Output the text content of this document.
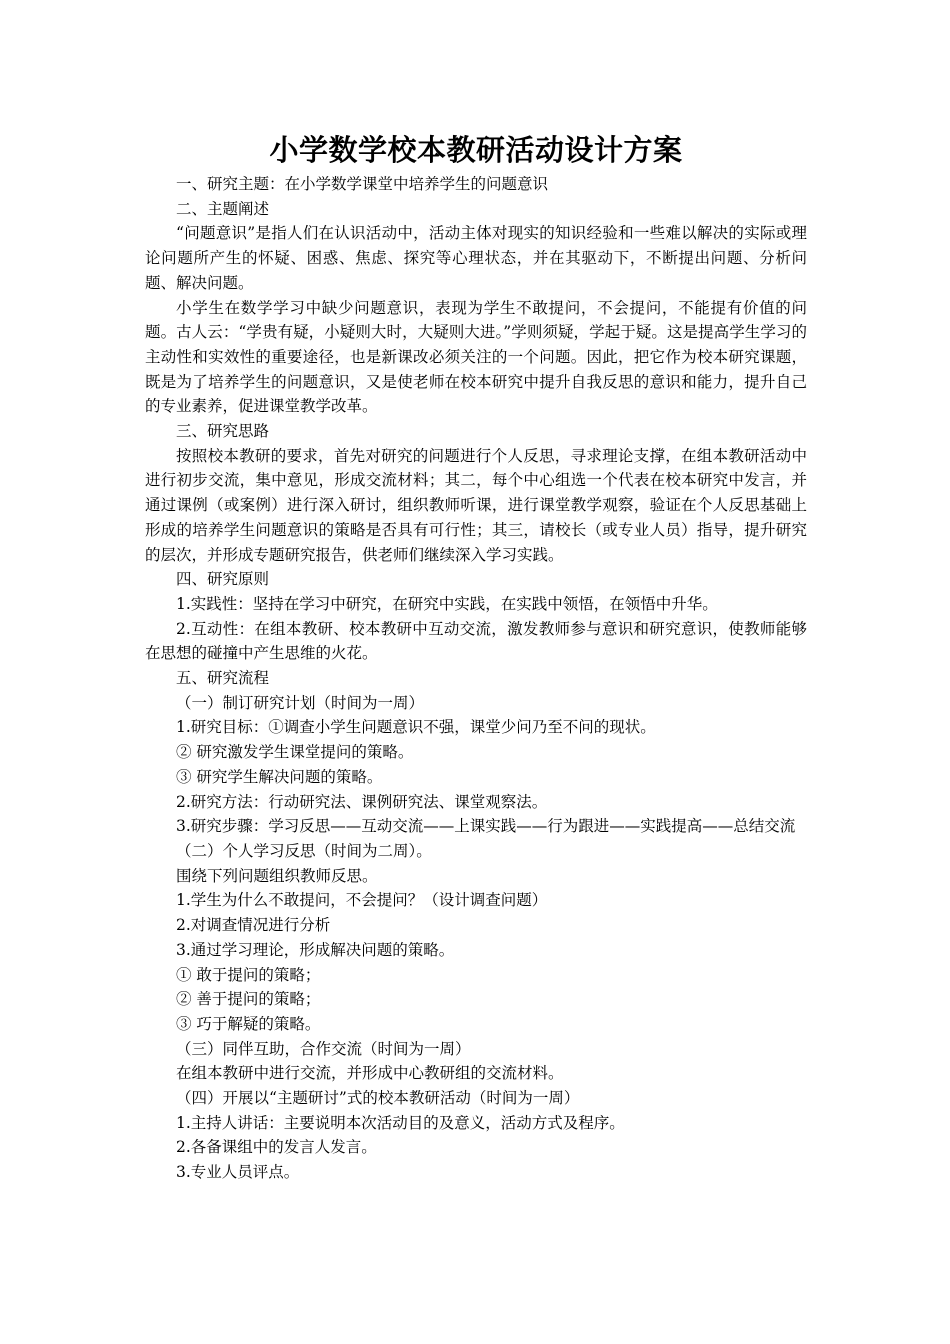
小学数学校本教研活动设计方案

一、研究主题：在小学数学课堂中培养学生的问题意识

二、主题阐述

“问题意识”是指人们在认识活动中，活动主体对现实的知识经验和一些难以解决的实际或理论问题所产生的怀疑、困惑、焦虑、探究等心理状态，并在其驱动下，不断提出问题、分析问题、解决问题。

小学生在数学学习中缺少问题意识，表现为学生不敢提问，不会提问，不能提有价值的问题。古人云：“学贵有疑，小疑则大时，大疑则大进。”学则须疑，学起于疑。这是提高学生学习的主动性和实效性的重要途径，也是新课改必须关注的一个问题。因此，把它作为校本研究课题，既是为了培养学生的问题意识，又是使老师在校本研究中提升自我反思的意识和能力，提升自己的专业素养，促进课堂教学改革。

三、研究思路

按照校本教研的要求，首先对研究的问题进行个人反思，寻求理论支撑，在组本教研活动中进行初步交流，集中意见，形成交流材料；其二，每个中心组选一个代表在校本研究中发言，并通过课例（或案例）进行深入研讨，组织教师听课，进行课堂教学观察，验证在个人反思基础上形成的培养学生问题意识的策略是否具有可行性；其三，请校长（或专业人员）指导，提升研究的层次，并形成专题研究报告，供老师们继续深入学习实践。

四、研究原则

1.实践性：坚持在学习中研究，在研究中实践，在实践中领悟，在领悟中升华。

2.互动性：在组本教研、校本教研中互动交流，激发教师参与意识和研究意识，使教师能够在思想的碰撞中产生思维的火花。

五、研究流程

（一）制订研究计划（时间为一周）

1.研究目标：①调查小学生问题意识不强，课堂少问乃至不问的现状。

② 研究激发学生课堂提问的策略。

③ 研究学生解决问题的策略。

2.研究方法：行动研究法、课例研究法、课堂观察法。

3.研究步骤：学习反思——互动交流——上课实践——行为跟进——实践提高——总结交流

（二）个人学习反思（时间为二周）。

围绕下列问题组织教师反思。

1.学生为什么不敢提问，不会提问？（设计调查问题）

2.对调查情况进行分析

3.通过学习理论，形成解决问题的策略。

① 敢于提问的策略；

② 善于提问的策略；

③ 巧于解疑的策略。

（三）同伴互助，合作交流（时间为一周）

在组本教研中进行交流，并形成中心教研组的交流材料。

（四）开展以“主题研讨”式的校本教研活动（时间为一周）

1.主持人讲话：主要说明本次活动目的及意义，活动方式及程序。

2.各备课组中的发言人发言。

3.专业人员评点。
